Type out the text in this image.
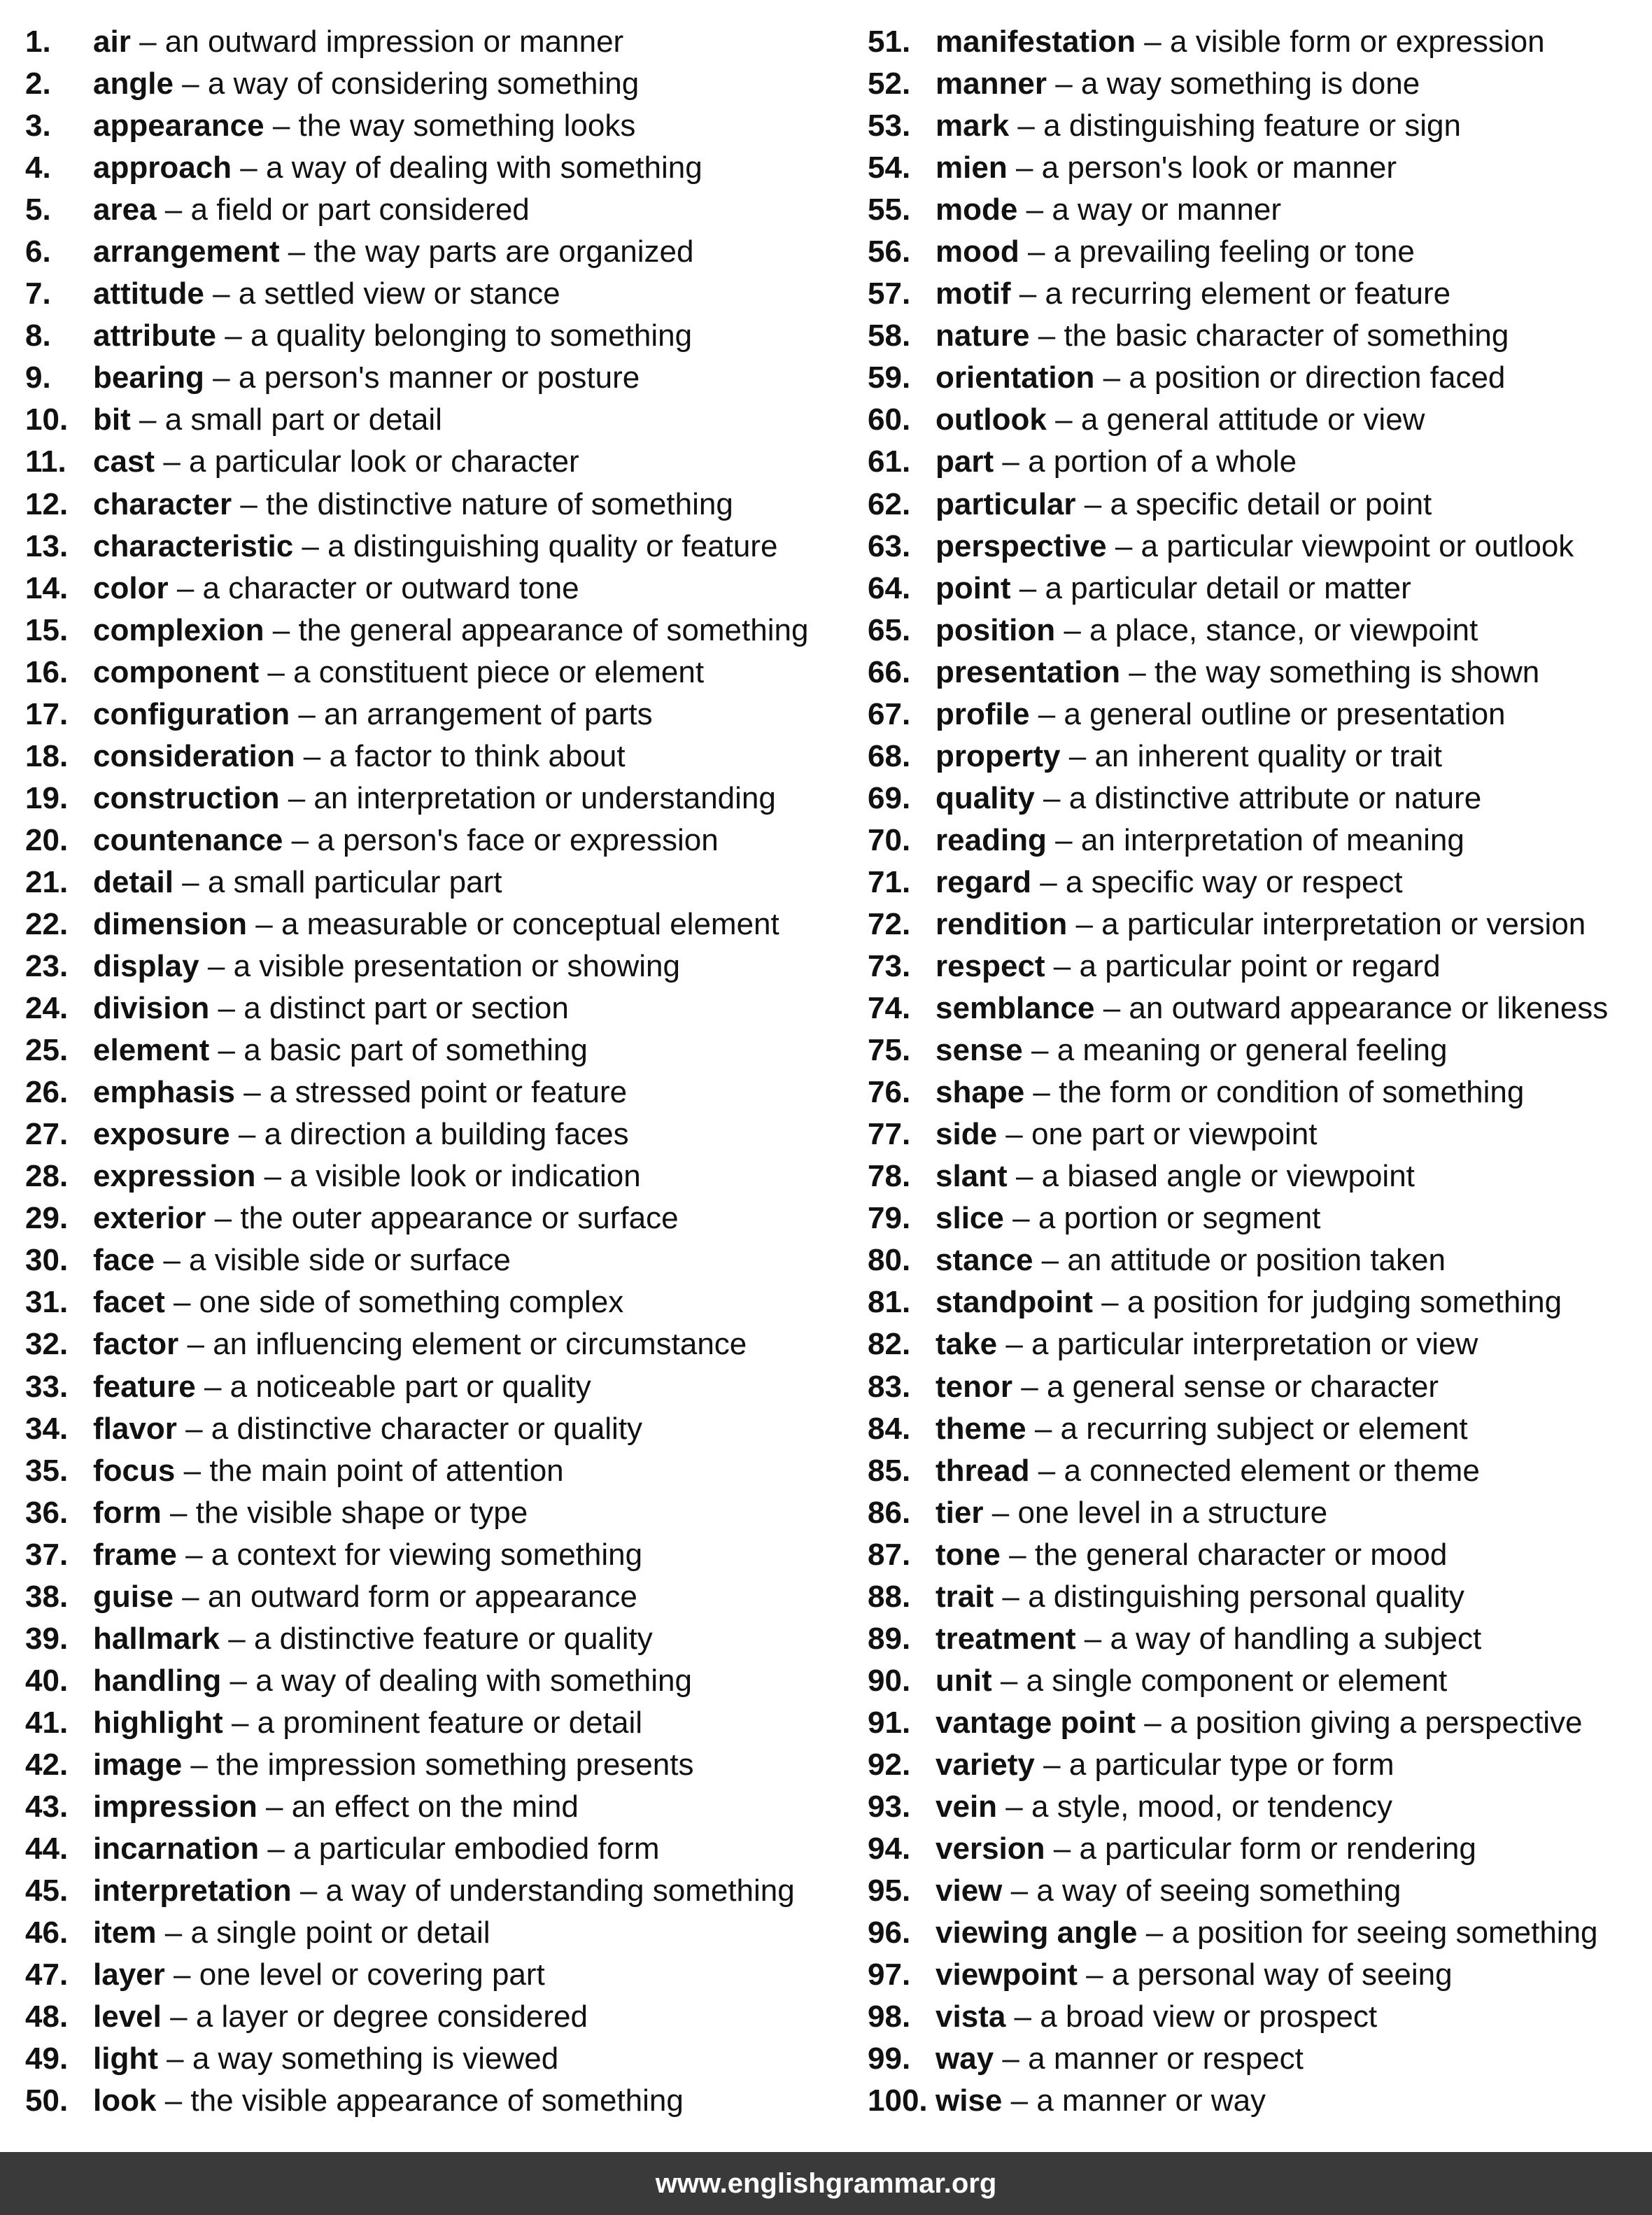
1. air – an outward impression or manner
2. angle – a way of considering something
3. appearance – the way something looks
4. approach – a way of dealing with something
5. area – a field or part considered
6. arrangement – the way parts are organized
7. attitude – a settled view or stance
8. attribute – a quality belonging to something
9. bearing – a person's manner or posture
10. bit – a small part or detail
11. cast – a particular look or character
12. character – the distinctive nature of something
13. characteristic – a distinguishing quality or feature
14. color – a character or outward tone
15. complexion – the general appearance of something
16. component – a constituent piece or element
17. configuration – an arrangement of parts
18. consideration – a factor to think about
19. construction – an interpretation or understanding
20. countenance – a person's face or expression
21. detail – a small particular part
22. dimension – a measurable or conceptual element
23. display – a visible presentation or showing
24. division – a distinct part or section
25. element – a basic part of something
26. emphasis – a stressed point or feature
27. exposure – a direction a building faces
28. expression – a visible look or indication
29. exterior – the outer appearance or surface
30. face – a visible side or surface
31. facet – one side of something complex
32. factor – an influencing element or circumstance
33. feature – a noticeable part or quality
34. flavor – a distinctive character or quality
35. focus – the main point of attention
36. form – the visible shape or type
37. frame – a context for viewing something
38. guise – an outward form or appearance
39. hallmark – a distinctive feature or quality
40. handling – a way of dealing with something
41. highlight – a prominent feature or detail
42. image – the impression something presents
43. impression – an effect on the mind
44. incarnation – a particular embodied form
45. interpretation – a way of understanding something
46. item – a single point or detail
47. layer – one level or covering part
48. level – a layer or degree considered
49. light – a way something is viewed
50. look – the visible appearance of something
51. manifestation – a visible form or expression
52. manner – a way something is done
53. mark – a distinguishing feature or sign
54. mien – a person's look or manner
55. mode – a way or manner
56. mood – a prevailing feeling or tone
57. motif – a recurring element or feature
58. nature – the basic character of something
59. orientation – a position or direction faced
60. outlook – a general attitude or view
61. part – a portion of a whole
62. particular – a specific detail or point
63. perspective – a particular viewpoint or outlook
64. point – a particular detail or matter
65. position – a place, stance, or viewpoint
66. presentation – the way something is shown
67. profile – a general outline or presentation
68. property – an inherent quality or trait
69. quality – a distinctive attribute or nature
70. reading – an interpretation of meaning
71. regard – a specific way or respect
72. rendition – a particular interpretation or version
73. respect – a particular point or regard
74. semblance – an outward appearance or likeness
75. sense – a meaning or general feeling
76. shape – the form or condition of something
77. side – one part or viewpoint
78. slant – a biased angle or viewpoint
79. slice – a portion or segment
80. stance – an attitude or position taken
81. standpoint – a position for judging something
82. take – a particular interpretation or view
83. tenor – a general sense or character
84. theme – a recurring subject or element
85. thread – a connected element or theme
86. tier – one level in a structure
87. tone – the general character or mood
88. trait – a distinguishing personal quality
89. treatment – a way of handling a subject
90. unit – a single component or element
91. vantage point – a position giving a perspective
92. variety – a particular type or form
93. vein – a style, mood, or tendency
94. version – a particular form or rendering
95. view – a way of seeing something
96. viewing angle – a position for seeing something
97. viewpoint – a personal way of seeing
98. vista – a broad view or prospect
99. way – a manner or respect
100. wise – a manner or way
www.englishgrammar.org
